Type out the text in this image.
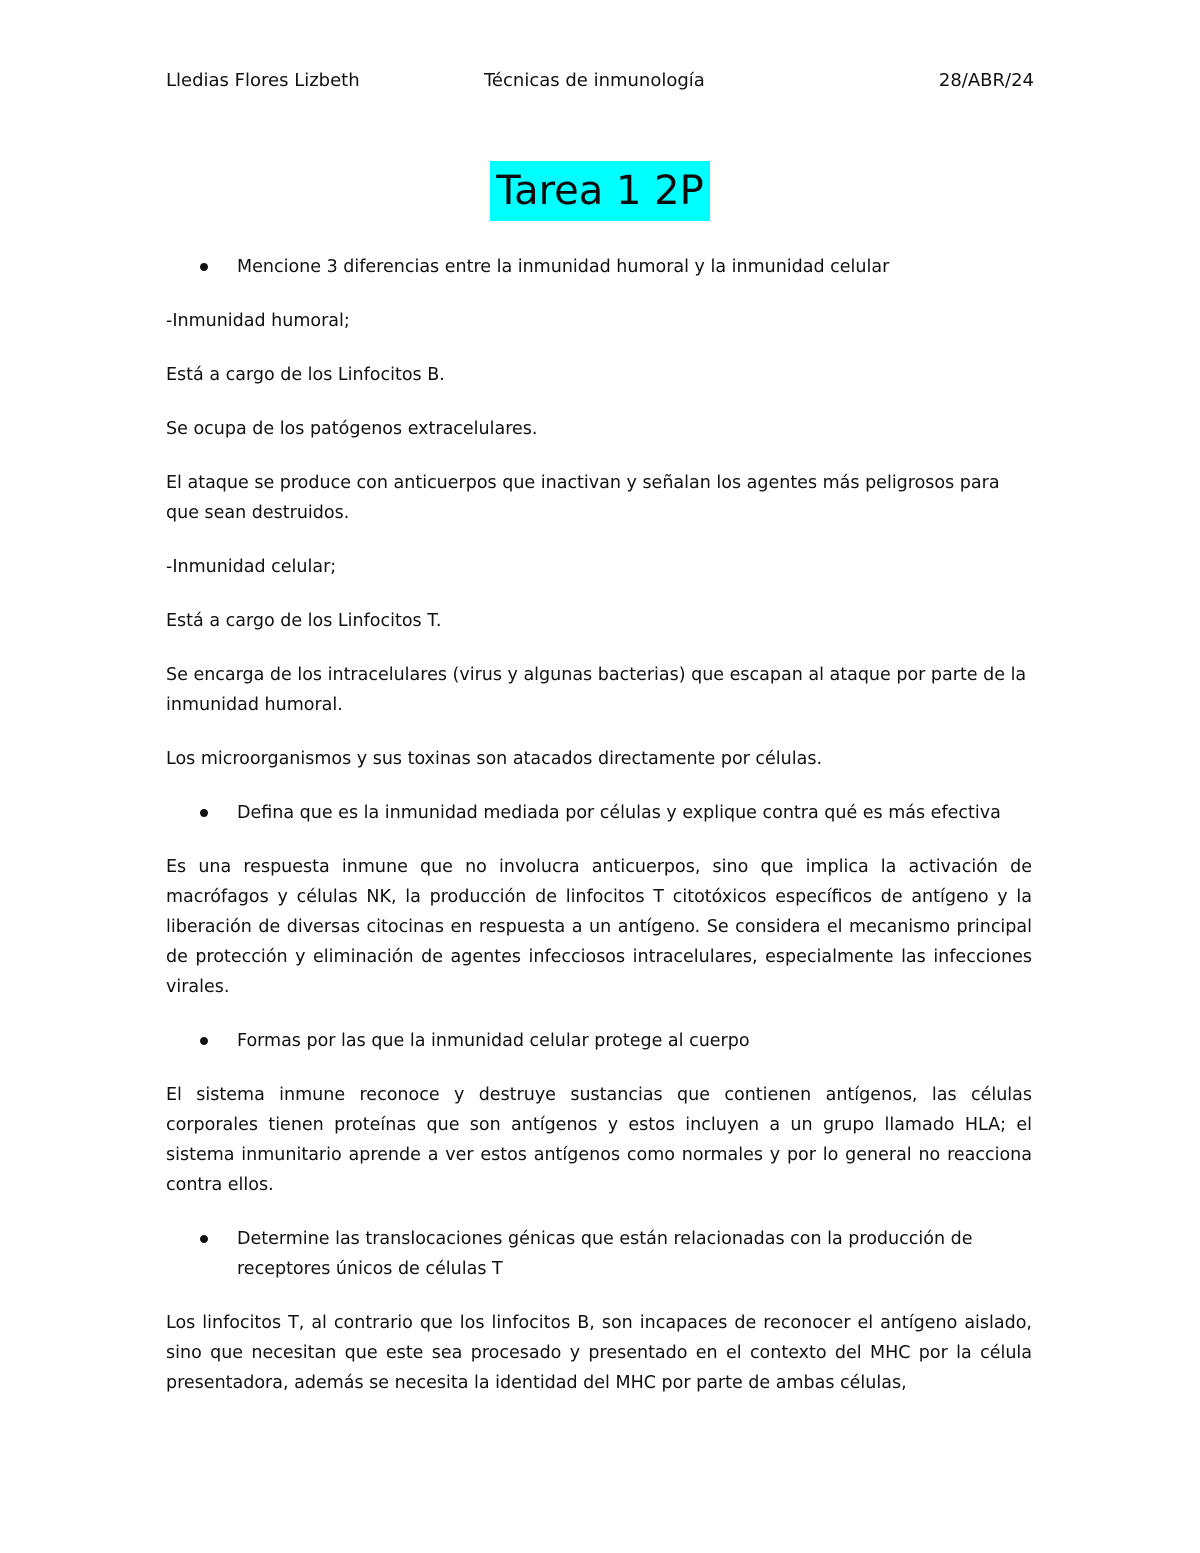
Lledias Flores Lizbeth	Técnicas de inmunología	28/ABR/24
Tarea 1 2P
Mencione 3 diferencias entre la inmunidad humoral y la inmunidad celular

-Inmunidad humoral;

Está a cargo de los Linfocitos B.

Se ocupa de los patógenos extracelulares.

El ataque se produce con anticuerpos que inactivan y señalan los agentes más peligrosos para que sean destruidos.

-Inmunidad celular;

Está a cargo de los Linfocitos T.

Se encarga de los intracelulares (virus y algunas bacterias) que escapan al ataque por parte de la inmunidad humoral.

Los microorganismos y sus toxinas son atacados directamente por células.

Defina que es la inmunidad mediada por células y explique contra qué es más efectiva

Es una respuesta inmune que no involucra anticuerpos, sino que implica la activación de macrófagos y células NK, la producción de linfocitos T citotóxicos específicos de antígeno y la liberación de diversas citocinas en respuesta a un antígeno. Se considera el mecanismo principal de protección y eliminación de agentes infecciosos intracelulares, especialmente las infecciones virales.

Formas por las que la inmunidad celular protege al cuerpo

El sistema inmune reconoce y destruye sustancias que contienen antígenos, las células corporales tienen proteínas que son antígenos y estos incluyen a un grupo llamado HLA; el sistema inmunitario aprende a ver estos antígenos como normales y por lo general no reacciona contra ellos.

Determine las translocaciones génicas que están relacionadas con la producción de receptores únicos de células T

Los linfocitos T, al contrario que los linfocitos B, son incapaces de reconocer el antígeno aislado, sino que necesitan que este sea procesado y presentado en el contexto del MHC por la célula presentadora, además se necesita la identidad del MHC por parte de ambas células,
